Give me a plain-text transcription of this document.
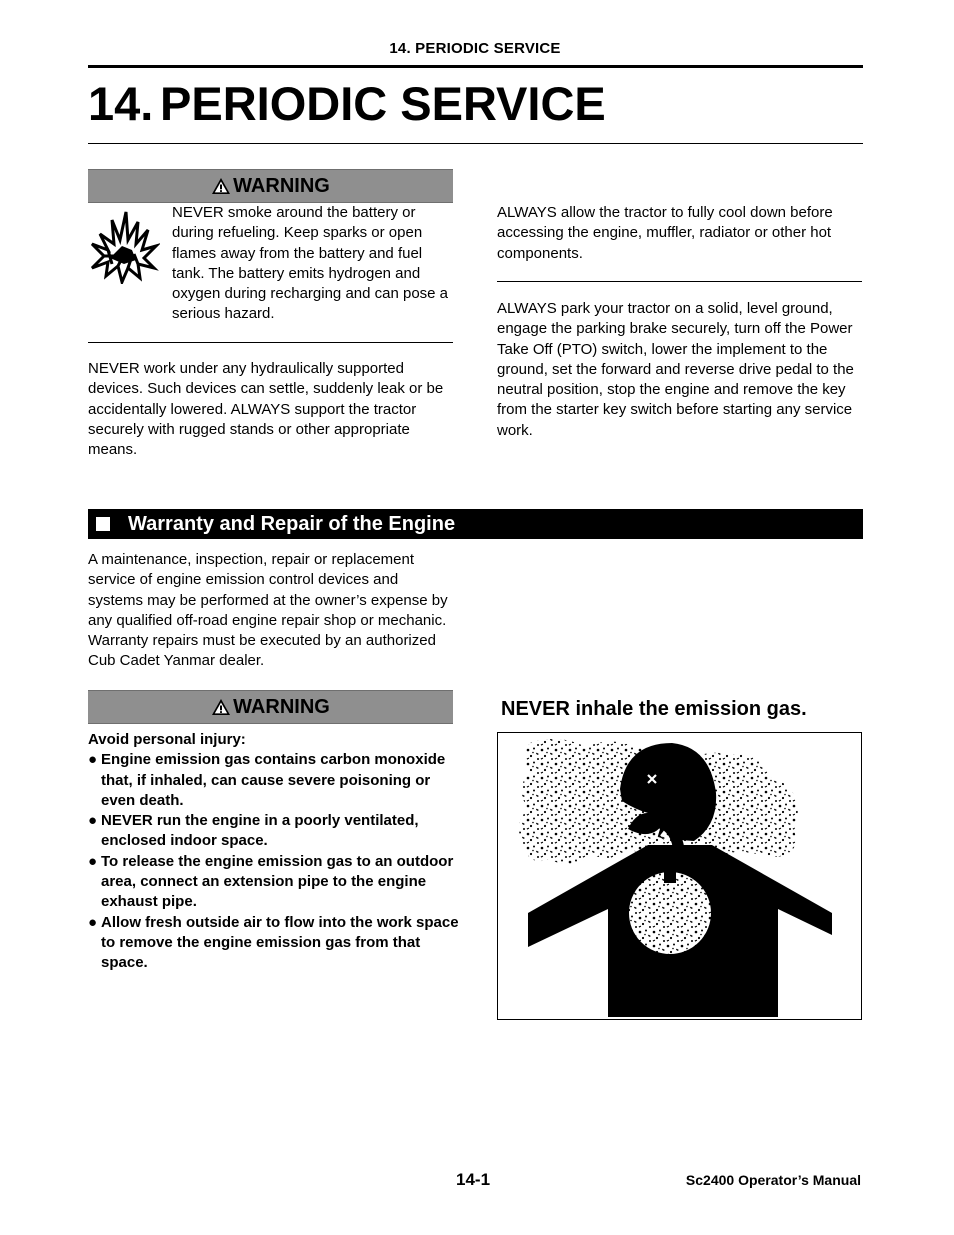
14. PERIODIC SERVICE
14. PERIODIC SERVICE
WARNING
NEVER smoke around the battery or during refueling. Keep sparks or open flames away from the battery and fuel tank. The battery emits hydrogen and oxygen during recharging and can pose a serious hazard.
NEVER work under any hydraulically supported devices. Such devices can settle, suddenly leak or be accidentally lowered. ALWAYS support the tractor securely with rugged stands or other appropriate means.
ALWAYS allow the tractor to fully cool down before accessing the engine, muffler, radiator or other hot components.
ALWAYS park your tractor on a solid, level ground, engage the parking brake securely, turn off the Power Take Off (PTO) switch, lower the implement to the ground, set the forward and reverse drive pedal to the neutral position, stop the engine and remove the key from the starter key switch before starting any service work.
Warranty and Repair of the Engine
A maintenance, inspection, repair or replacement service of engine emission control devices and systems may be performed at the owner’s expense by any qualified off-road engine repair shop or mechanic. Warranty repairs must be executed by an authorized Cub Cadet Yanmar dealer.
WARNING
Avoid personal injury:
● Engine emission gas contains carbon monoxide that, if inhaled, can cause severe poisoning or even death.
● NEVER run the engine in a poorly ventilated, enclosed indoor space.
● To release the engine emission gas to an outdoor area, connect an extension pipe to the engine exhaust pipe.
● Allow fresh outside air to flow into the work space to remove the engine emission gas from that space.
NEVER inhale the emission gas.
14-1	Sc2400 Operator’s Manual
